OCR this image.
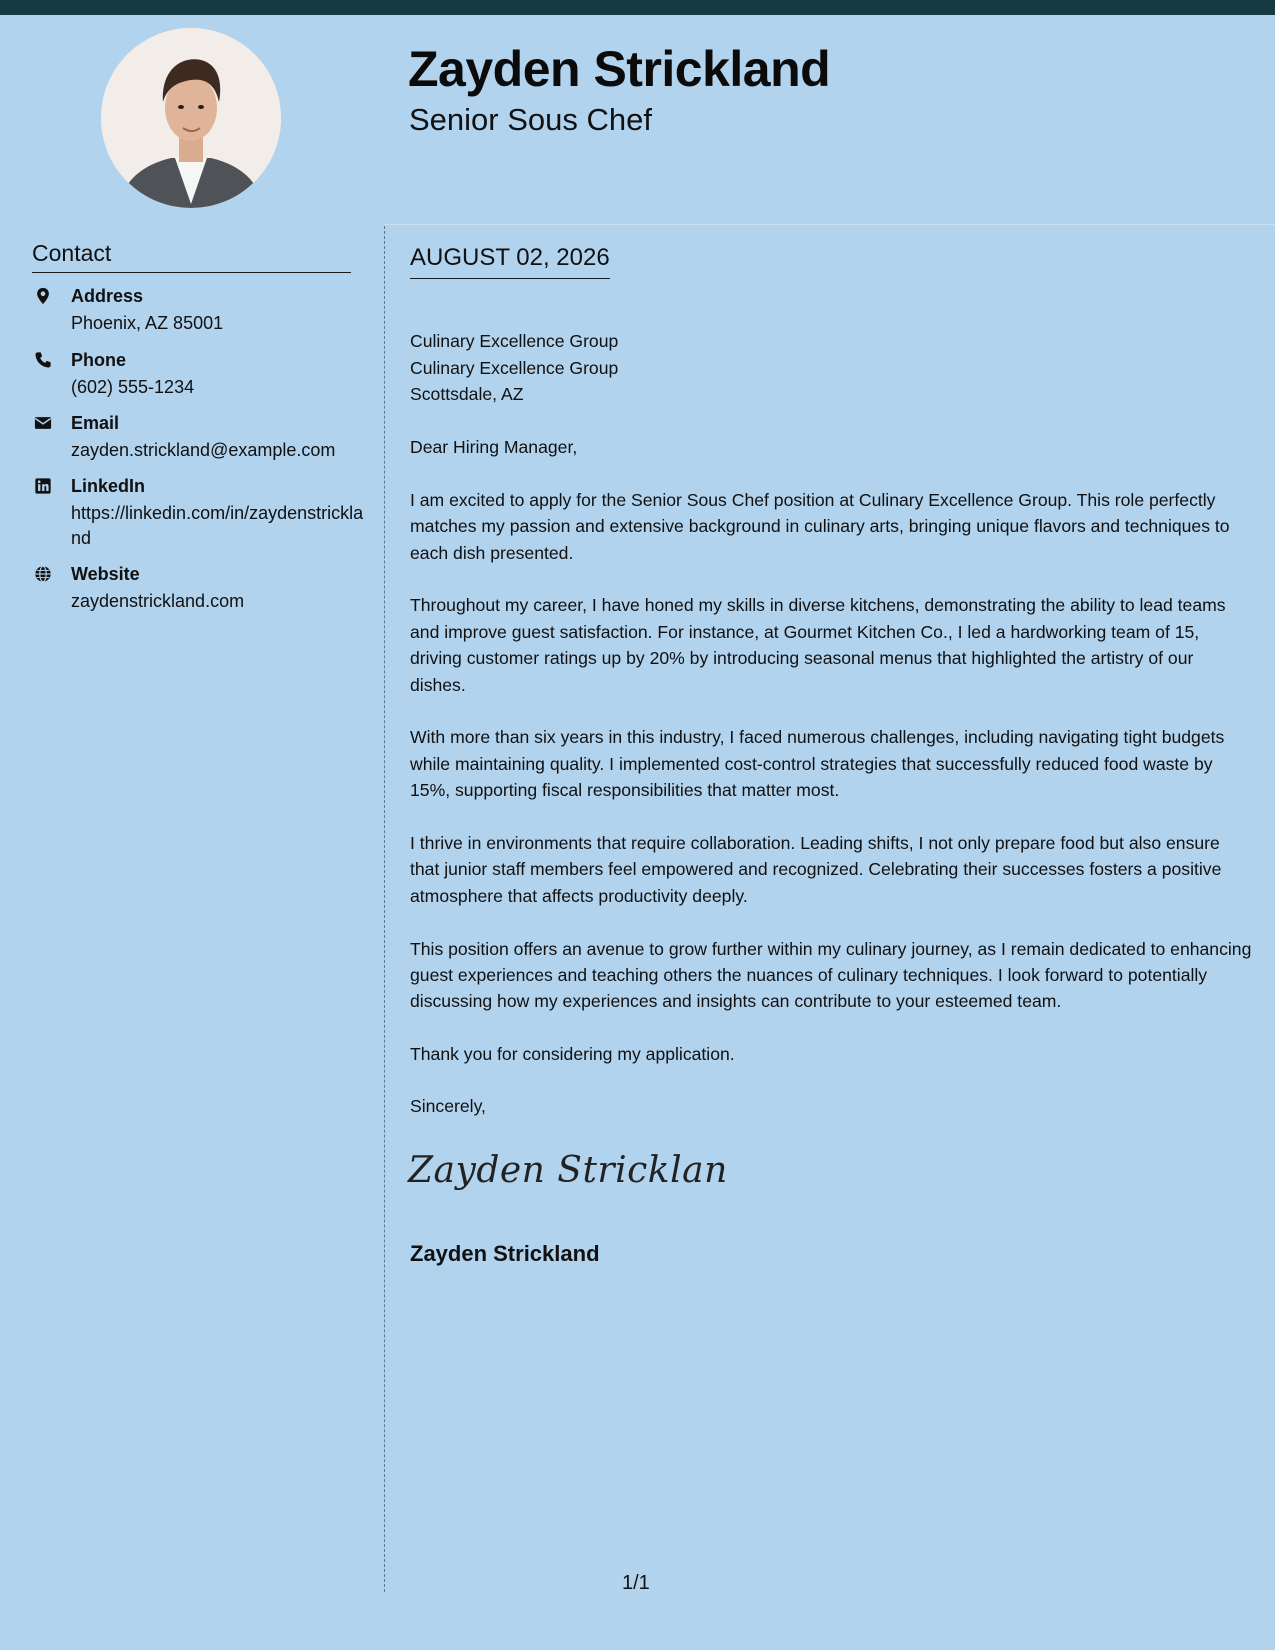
Zayden Strickland
Senior Sous Chef
Contact
Address
Phoenix, AZ 85001
Phone
(602) 555-1234
Email
zayden.strickland@example.com
LinkedIn
https://linkedin.com/in/zaydenstrickland
Website
zaydenstrickland.com
AUGUST 02, 2026

Culinary Excellence Group
Culinary Excellence Group
Scottsdale, AZ

Dear Hiring Manager,

I am excited to apply for the Senior Sous Chef position at Culinary Excellence Group. This role perfectly matches my passion and extensive background in culinary arts, bringing unique flavors and techniques to each dish presented.

Throughout my career, I have honed my skills in diverse kitchens, demonstrating the ability to lead teams and improve guest satisfaction. For instance, at Gourmet Kitchen Co., I led a hardworking team of 15, driving customer ratings up by 20% by introducing seasonal menus that highlighted the artistry of our dishes.

With more than six years in this industry, I faced numerous challenges, including navigating tight budgets while maintaining quality. I implemented cost-control strategies that successfully reduced food waste by 15%, supporting fiscal responsibilities that matter most.

I thrive in environments that require collaboration. Leading shifts, I not only prepare food but also ensure that junior staff members feel empowered and recognized. Celebrating their successes fosters a positive atmosphere that affects productivity deeply.

This position offers an avenue to grow further within my culinary journey, as I remain dedicated to enhancing guest experiences and teaching others the nuances of culinary techniques. I look forward to potentially discussing how my experiences and insights can contribute to your esteemed team.

Thank you for considering my application.

Sincerely,
Zayden Stricklan
Zayden Strickland
1/1
